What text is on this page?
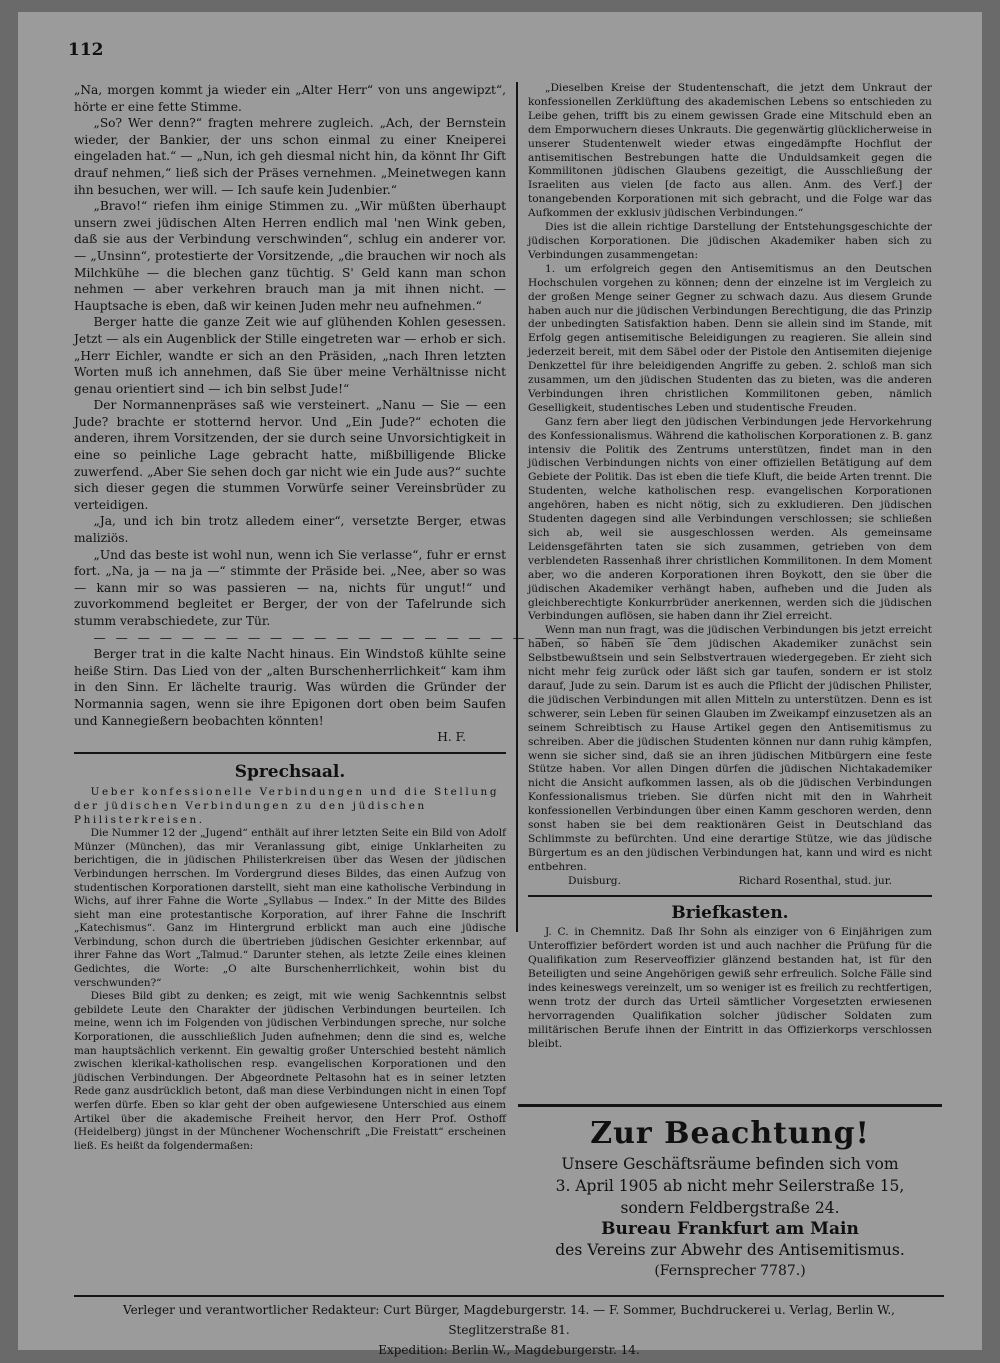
112

„Na, morgen kommt ja wieder ein „Alter Herr“ von uns angewipzt“, hörte er eine fette Stimme.

„So? Wer denn?“ fragten mehrere zugleich. „Ach, der Bernstein wieder, der Bankier, der uns schon einmal zu einer Kneiperei eingeladen hat.“ — „Nun, ich geh diesmal nicht hin, da könnt Ihr Gift drauf nehmen,“ ließ sich der Präses vernehmen. „Meinetwegen kann ihn besuchen, wer will. — Ich saufe kein Judenbier.“

„Bravo!“ riefen ihm einige Stimmen zu. „Wir müßten überhaupt unsern zwei jüdischen Alten Herren endlich mal 'nen Wink geben, daß sie aus der Verbindung verschwinden“, schlug ein anderer vor. — „Unsinn“, protestierte der Vorsitzende, „die brauchen wir noch als Milchkühe — die blechen ganz tüchtig. S' Geld kann man schon nehmen — aber verkehren brauch man ja mit ihnen nicht. — Hauptsache is eben, daß wir keinen Juden mehr neu aufnehmen.“

Berger hatte die ganze Zeit wie auf glühenden Kohlen gesessen. Jetzt — als ein Augenblick der Stille eingetreten war — erhob er sich. „Herr Eichler, wandte er sich an den Präsiden, „nach Ihren letzten Worten muß ich annehmen, daß Sie über meine Verhältnisse nicht genau orientiert sind — ich bin selbst Jude!“

Der Normannenpräses saß wie versteinert. „Nanu — Sie — een Jude? brachte er stotternd hervor. Und „Ein Jude?“ echoten die anderen, ihrem Vorsitzenden, der sie durch seine Unvorsichtigkeit in eine so peinliche Lage gebracht hatte, mißbilligende Blicke zuwerfend. „Aber Sie sehen doch gar nicht wie ein Jude aus?“ suchte sich dieser gegen die stummen Vorwürfe seiner Vereinsbrüder zu verteidigen.

„Ja, und ich bin trotz alledem einer“, versetzte Berger, etwas maliziös.

„Und das beste ist wohl nun, wenn ich Sie verlasse“, fuhr er ernst fort. „Na, ja — na ja —“ stimmte der Präside bei. „Nee, aber so was — kann mir so was passieren — na, nichts für ungut!“ und zuvorkommend begleitet er Berger, der von der Tafelrunde sich stumm verabschiedete, zur Tür.

— — — — — — — — — — — — — — — — — — — — — — — — — — —

Berger trat in die kalte Nacht hinaus. Ein Windstoß kühlte seine heiße Stirn. Das Lied von der „alten Burschenherrlichkeit“ kam ihm in den Sinn. Er lächelte traurig. Was würden die Gründer der Normannia sagen, wenn sie ihre Epigonen dort oben beim Saufen und Kannegießern beobachten könnten!

H. F.

Sprechsaal.

Ueber konfessionelle Verbindungen und die Stellung der jüdischen Verbindungen zu den jüdischen Philisterkreisen.

Die Nummer 12 der „Jugend“ enthält auf ihrer letzten Seite ein Bild von Adolf Münzer (München), das mir Veranlassung gibt, einige Unklarheiten zu berichtigen, die in jüdischen Philisterkreisen über das Wesen der jüdischen Verbindungen herrschen. Im Vordergrund dieses Bildes, das einen Aufzug von studentischen Korporationen darstellt, sieht man eine katholische Verbindung in Wichs, auf ihrer Fahne die Worte „Syllabus — Index.“ In der Mitte des Bildes sieht man eine protestantische Korporation, auf ihrer Fahne die Inschrift „Katechismus“. Ganz im Hintergrund erblickt man auch eine jüdische Verbindung, schon durch die übertrieben jüdischen Gesichter erkennbar, auf ihrer Fahne das Wort „Talmud.“ Darunter stehen, als letzte Zeile eines kleinen Gedichtes, die Worte: „O alte Burschenherrlichkeit, wohin bist du verschwunden?“

Dieses Bild gibt zu denken; es zeigt, mit wie wenig Sachkenntnis selbst gebildete Leute den Charakter der jüdischen Verbindungen beurteilen. Ich meine, wenn ich im Folgenden von jüdischen Verbindungen spreche, nur solche Korporationen, die ausschließlich Juden aufnehmen; denn die sind es, welche man hauptsächlich verkennt. Ein gewaltig großer Unterschied besteht nämlich zwischen klerikal-katholischen resp. evangelischen Korporationen und den jüdischen Verbindungen. Der Abgeordnete Peltasohn hat es in seiner letzten Rede ganz ausdrücklich betont, daß man diese Verbindungen nicht in einen Topf werfen dürfe. Eben so klar geht der oben aufgewiesene Unterschied aus einem Artikel über die akademische Freiheit hervor, den Herr Prof. Osthoff (Heidelberg) jüngst in der Münchener Wochenschrift „Die Freistatt“ erscheinen ließ. Es heißt da folgendermaßen:

„Dieselben Kreise der Studentenschaft, die jetzt dem Unkraut der konfessionellen Zerklüftung des akademischen Lebens so entschieden zu Leibe gehen, trifft bis zu einem gewissen Grade eine Mitschuld eben an dem Emporwuchern dieses Unkrauts. Die gegenwärtig glücklicherweise in unserer Studentenwelt wieder etwas eingedämpfte Hochflut der antisemitischen Bestrebungen hatte die Unduldsamkeit gegen die Kommilitonen jüdischen Glaubens gezeitigt, die Ausschließung der Israeliten aus vielen [de facto aus allen. Anm. des Verf.] der tonangebenden Korporationen mit sich gebracht, und die Folge war das Aufkommen der exklusiv jüdischen Verbindungen.“

Dies ist die allein richtige Darstellung der Entstehungsgeschichte der jüdischen Korporationen. Die jüdischen Akademiker haben sich zu Verbindungen zusammengetan:

1. um erfolgreich gegen den Antisemitismus an den Deutschen Hochschulen vorgehen zu können; denn der einzelne ist im Vergleich zu der großen Menge seiner Gegner zu schwach dazu. Aus diesem Grunde haben auch nur die jüdischen Verbindungen Berechtigung, die das Prinzip der unbedingten Satisfaktion haben. Denn sie allein sind im Stande, mit Erfolg gegen antisemitische Beleidigungen zu reagieren. Sie allein sind jederzeit bereit, mit dem Säbel oder der Pistole den Antisemiten diejenige Denkzettel für ihre beleidigenden Angriffe zu geben. 2. schloß man sich zusammen, um den jüdischen Studenten das zu bieten, was die anderen Verbindungen ihren christlichen Kommilitonen geben, nämlich Geselligkeit, studentisches Leben und studentische Freuden.

Ganz fern aber liegt den jüdischen Verbindungen jede Hervorkehrung des Konfessionalismus. Während die katholischen Korporationen z. B. ganz intensiv die Politik des Zentrums unterstützen, findet man in den jüdischen Verbindungen nichts von einer offiziellen Betätigung auf dem Gebiete der Politik. Das ist eben die tiefe Kluft, die beide Arten trennt. Die Studenten, welche katholischen resp. evangelischen Korporationen angehören, haben es nicht nötig, sich zu exkludieren. Den jüdischen Studenten dagegen sind alle Verbindungen verschlossen; sie schließen sich ab, weil sie ausgeschlossen werden. Als gemeinsame Leidensgefährten taten sie sich zusammen, getrieben von dem verblendeten Rassenhaß ihrer christlichen Kommilitonen. In dem Moment aber, wo die anderen Korporationen ihren Boykott, den sie über die jüdischen Akademiker verhängt haben, aufheben und die Juden als gleichberechtigte Konkurrbrüder anerkennen, werden sich die jüdischen Verbindungen auflösen, sie haben dann ihr Ziel erreicht.

Wenn man nun fragt, was die jüdischen Verbindungen bis jetzt erreicht haben, so haben sie dem jüdischen Akademiker zunächst sein Selbstbewußtsein und sein Selbstvertrauen wiedergegeben. Er zieht sich nicht mehr feig zurück oder läßt sich gar taufen, sondern er ist stolz darauf, Jude zu sein. Darum ist es auch die Pflicht der jüdischen Philister, die jüdischen Verbindungen mit allen Mitteln zu unterstützen. Denn es ist schwerer, sein Leben für seinen Glauben im Zweikampf einzusetzen als an seinem Schreibtisch zu Hause Artikel gegen den Antisemitismus zu schreiben. Aber die jüdischen Studenten können nur dann ruhig kämpfen, wenn sie sicher sind, daß sie an ihren jüdischen Mitbürgern eine feste Stütze haben. Vor allen Dingen dürfen die jüdischen Nichtakademiker nicht die Ansicht aufkommen lassen, als ob die jüdischen Verbindungen Konfessionalismus trieben. Sie dürfen nicht mit den in Wahrheit konfessionellen Verbindungen über einen Kamm geschoren werden, denn sonst haben sie bei dem reaktionären Geist in Deutschland das Schlimmste zu befürchten. Und eine derartige Stütze, wie das jüdische Bürgertum es an den jüdischen Verbindungen hat, kann und wird es nicht entbehren.

Duisburg.	Richard Rosenthal, stud. jur.
Briefkasten.

J. C. in Chemnitz. Daß Ihr Sohn als einziger von 6 Einjährigen zum Unteroffizier befördert worden ist und auch nachher die Prüfung für die Qualifikation zum Reserveoffizier glänzend bestanden hat, ist für den Beteiligten und seine Angehörigen gewiß sehr erfreulich. Solche Fälle sind indes keineswegs vereinzelt, um so weniger ist es freilich zu rechtfertigen, wenn trotz der durch das Urteil sämtlicher Vorgesetzten erwiesenen hervorragenden Qualifikation solcher jüdischer Soldaten zum militärischen Berufe ihnen der Eintritt in das Offizierkorps verschlossen bleibt.

Zur Beachtung!
Unsere Geschäftsräume befinden sich vom
3. April 1905 ab nicht mehr Seilerstraße 15,
sondern Feldbergstraße 24.
Bureau Frankfurt am Main
des Vereins zur Abwehr des Antisemitismus.
(Fernsprecher 7787.)
Verleger und verantwortlicher Redakteur: Curt Bürger, Magdeburgerstr. 14. — F. Sommer, Buchdruckerei u. Verlag, Berlin W., Steglitzerstraße 81.
Expedition: Berlin W., Magdeburgerstr. 14.
